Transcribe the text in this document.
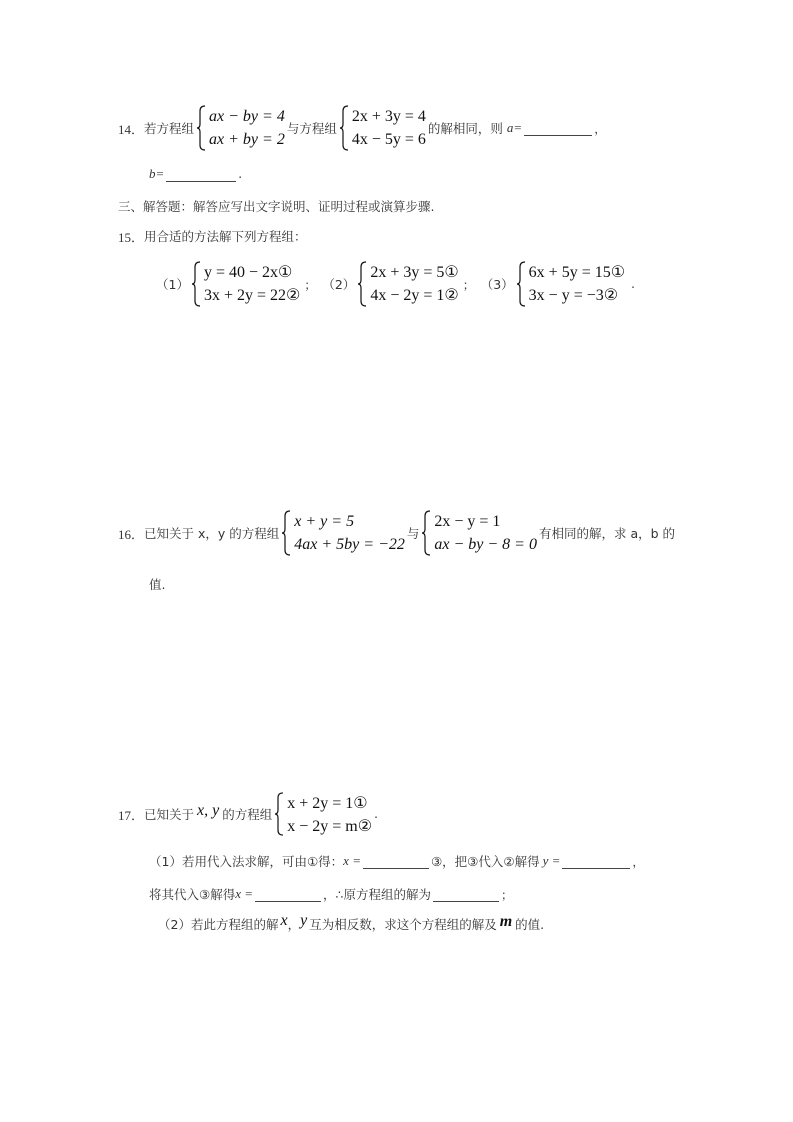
14． 若方程组
ax − by = 4
ax + by = 2
与方程组
2x + 3y = 4
4x − 5y = 6
的解相同，则 a=	，
b=	.
三、解答题：解答应写出文字说明、证明过程或演算步骤.
15． 用合适的方法解下列方程组：
（1）
y = 40 − 2x①
3x + 2y = 22②
； （2）
2x + 3y = 5①
4x − 2y = 1②
； （3）
6x + 5y = 15①
3x − y = −3②
.
16． 已知关于 x，y 的方程组
x + y = 5
4ax + 5by = −22
与
2x − y = 1
ax − by − 8 = 0
有相同的解，求 a，b 的
值.
17． 已知关于 x, y 的方程组
x + 2y = 1①
x − 2y = m②
.
（1）若用代入法求解，可由①得： x =	③，把③代入②解得 y =	，
将其代入③解得 x =	，∴原方程组的解为	；
（2）若此方程组的解 x ， y 互为相反数，求这个方程组的解及 m 的值.
